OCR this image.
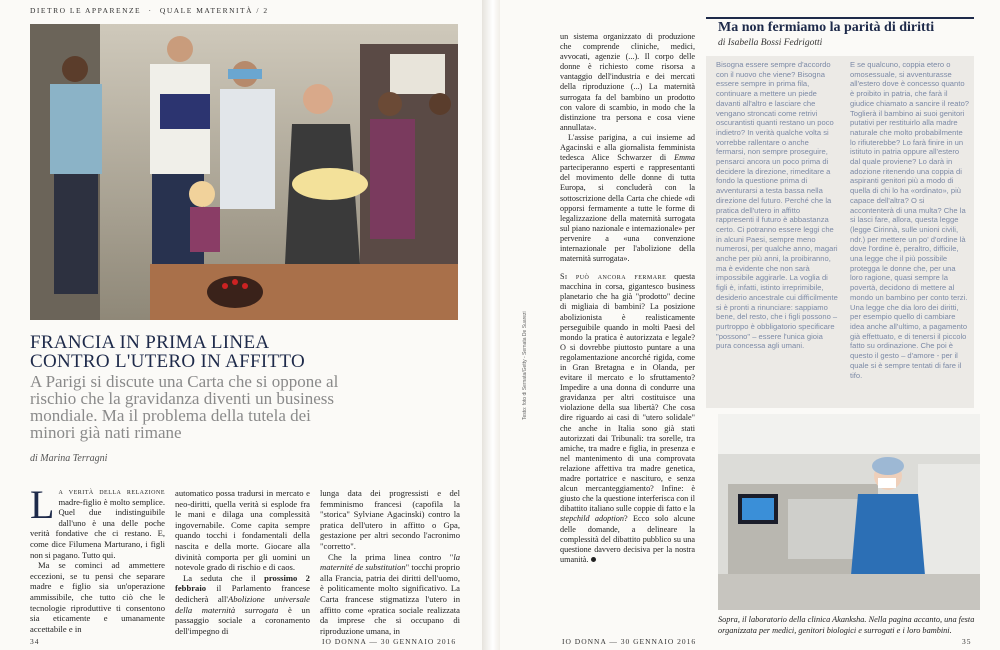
DIETRO LE APPARENZE · QUALE MATERNITÀ / 2
FRANCIA IN PRIMA LINEA
CONTRO L'UTERO IN AFFITTO
A Parigi si discute una Carta che si oppone al rischio che la gravidanza diventi un business mondiale. Ma il problema della tutela dei minori già nati rimane
di Marina Terragni
La verità della relazione madre-figlio è molto semplice. Quel due indistinguibile dall'uno è una delle poche verità fondative che ci restano. E, come dice Filumena Marturano, i figli non si pagano. Tutto qui.

Ma se cominci ad ammettere eccezioni, se tu pensi che separare madre e figlio sia un'operazione ammissibile, che tutto ciò che le tecnologie riproduttive ti consentono sia eticamente e umanamente accettabile e in

automatico possa tradursi in mercato e neo-diritti, quella verità si esplode fra le mani e dilaga una complessità ingovernabile. Come capita sempre quando tocchi i fondamentali della nascita e della morte. Giocare alla divinità comporta per gli uomini un notevole grado di rischio e di caos.

La seduta che il prossimo 2 febbraio il Parlamento francese dedicherà all'Abolizione universale della maternità surrogata è un passaggio sociale a coronamento dell'impegno di

lunga data dei progressisti e del femminismo francesi (capofila la "storica" Sylviane Agacinski) contro la pratica dell'utero in affitto o Gpa, gestazione per altri secondo l'acronimo "corretto".

Che la prima linea contro "la maternité de substitution" tocchi proprio alla Francia, patria dei diritti dell'uomo, è politicamente molto significativo. La Carta francese stigmatizza l'utero in affitto come «pratica sociale realizzata da imprese che si occupano di riproduzione umana, in

34	IO DONNA — 30 GENNAIO 2016

un sistema organizzato di produzione che comprende cliniche, medici, avvocati, agenzie (...). Il corpo delle donne è richiesto come risorsa a vantaggio dell'industria e dei mercati della riproduzione (...) La maternità surrogata fa del bambino un prodotto con valore di scambio, in modo che la distinzione tra persona e cosa viene annullata».

L'assise parigina, a cui insieme ad Agacinski e alla giornalista femminista tedesca Alice Schwarzer di Emma parteciperanno esperti e rappresentanti del movimento delle donne di tutta Europa, si concluderà con la sottoscrizione della Carta che chiede «di opporsi fermamente a tutte le forme di legalizzazione della maternità surrogata sul piano nazionale e internazionale» per pervenire a «una convenzione internazionale per l'abolizione della maternità surrogata».

Si può ancora fermare questa macchina in corsa, gigantesco business planetario che ha già "prodotto" decine di migliaia di bambini? La posizione abolizionista è realisticamente perseguibile quando in molti Paesi del mondo la pratica è autorizzata e legale? O si dovrebbe piuttosto puntare a una regolamentazione ancorché rigida, come in Gran Bretagna e in Olanda, per evitare il mercato e lo sfruttamento? Impedire a una donna di condurre una gravidanza per altri costituisce una violazione della sua libertà? Che cosa dire riguardo ai casi di "utero solidale" che anche in Italia sono già stati autorizzati dai Tribunali: tra sorelle, tra amiche, tra madre e figlia, in presenza e nel mantenimento di una comprovata relazione affettiva tra madre genetica, madre portatrice e nascituro, e senza alcun mercanteggiamento? Infine: è giusto che la questione interferisca con il dibattito italiano sulle coppie di fatto e la stepchild adoption? Ecco solo alcune delle domande, a delineare la complessità del dibattito pubblico su una questione davvero decisiva per la nostra umanità.

Testo: foto di Sernata/Getty - Sernata De Suarezi
Ma non fermiamo la parità di diritti
di Isabella Bossi Fedrigotti
Bisogna essere sempre d'accordo con il nuovo che viene? Bisogna essere sempre in prima fila, continuare a mettere un piede davanti all'altro e lasciare che vengano stroncati come retrivi oscurantisti quanti restano un poco indietro? In verità qualche volta si vorrebbe rallentare o anche fermarsi, non sempre proseguire, pensarci ancora un poco prima di decidere la direzione, rimeditare a fondo la questione prima di avventurarsi a testa bassa nella direzione del futuro. Perché che la pratica dell'utero in affitto rappresenti il futuro è abbastanza certo. Ci potranno essere leggi che in alcuni Paesi, sempre meno numerosi, per qualche anno, magari anche per più anni, la proibiranno, ma è evidente che non sarà impossibile aggirarle. La voglia di figli è, infatti, istinto irreprimibile, desiderio ancestrale cui difficilmente si è pronti a rinunciare: sappiamo bene, del resto, che i figli possono – purtroppo è obbligatorio specificare "possono" – essere l'unica gioia pura concessa agli umani.
E se qualcuno, coppia etero o omosessuale, si avventurasse all'estero dove è concesso quanto è proibito in patria, che farà il giudice chiamato a sancire il reato? Toglierà il bambino ai suoi genitori putativi per restituirlo alla madre naturale che molto probabilmente lo rifiuterebbe? Lo farà finire in un istituto in patria oppure all'estero dal quale proviene? Lo darà in adozione ritenendo una coppia di aspiranti genitori più a modo di quella di chi lo ha «ordinato», più capace dell'altra? O si accontenterà di una multa? Che la si lasci fare, allora, questa legge (legge Cirinnà, sulle unioni civili, ndr.) per mettere un po' d'ordine là dove l'ordine è, peraltro, difficile, una legge che il più possibile protegga le donne che, per una loro ragione, quasi sempre la povertà, decidono di mettere al mondo un bambino per conto terzi. Una legge che dia loro dei diritti, per esempio quello di cambiare idea anche all'ultimo, a pagamento già effettuato, e di tenersi il piccolo fatto su ordinazione. Che poi è questo il gesto – d'amore - per il quale si è sempre tentati di fare il tifo.
Sopra, il laboratorio della clinica Akanksha. Nella pagina accanto, una festa organizzata per medici, genitori biologici e surrogati e i loro bambini.
IO DONNA — 30 GENNAIO 2016	35
